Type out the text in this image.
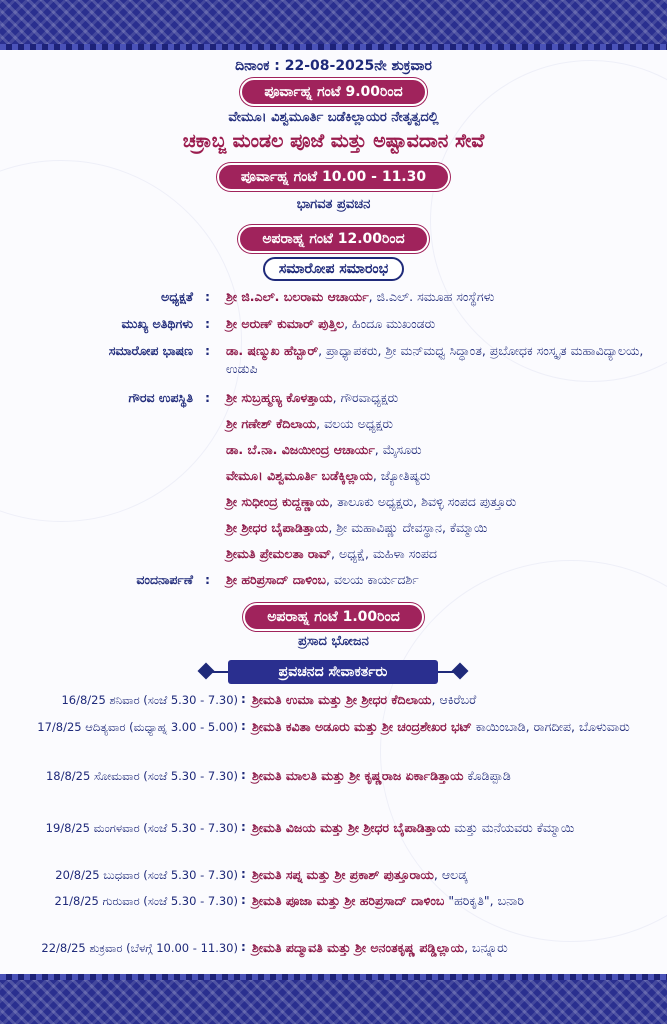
ದಿನಾಂಕ : 22-08-2025ನೇ ಶುಕ್ರವಾರ
ಪೂರ್ವಾಹ್ನ ಗಂಟೆ 9.00ರಿಂದ
ವೇಮೂ। ವಿಶ್ವಮೂರ್ತಿ ಬಡೆಕಿಲ್ಲಾಯರ ನೇತೃತ್ವದಲ್ಲಿ
ಚಕ್ರಾಬ್ಜ ಮಂಡಲ ಪೂಜೆ ಮತ್ತು ಅಷ್ಟಾವದಾನ ಸೇವೆ
ಪೂರ್ವಾಹ್ನ ಗಂಟೆ 10.00 - 11.30
ಭಾಗವತ ಪ್ರವಚನ
ಅಪರಾಹ್ನ ಗಂಟೆ 12.00ರಿಂದ
ಸಮಾರೋಪ ಸಮಾರಂಭ
ಅಧ್ಯಕ್ಷತೆ : ಶ್ರೀ ಜಿ.ಎಲ್. ಬಲರಾಮ ಆಚಾರ್ಯ, ಜಿ.ಎಲ್. ಸಮೂಹ ಸಂಸ್ಥೆಗಳು
ಮುಖ್ಯ ಅತಿಥಿಗಳು : ಶ್ರೀ ಅರುಣ್ ಕುಮಾರ್ ಪುತ್ತಿಲ, ಹಿಂದೂ ಮುಖಂಡರು
ಸಮಾರೋಪ ಭಾಷಣ : ಡಾ. ಷಣ್ಮುಖ ಹೆಬ್ಬಾರ್, ಪ್ರಾಧ್ಯಾಪಕರು, ಶ್ರೀ ಮನ್‌ಮಧ್ವ ಸಿದ್ಧಾಂತ, ಪ್ರಬೋಧಕ ಸಂಸ್ಕೃತ ಮಹಾವಿದ್ಯಾಲಯ, ಉಡುಪಿ
ಗೌರವ ಉಪಸ್ಥಿತಿ : ಶ್ರೀ ಸುಬ್ರಹ್ಮಣ್ಯ ಕೊಳತ್ತಾಯ, ಗೌರವಾಧ್ಯಕ್ಷರು
ಶ್ರೀ ಗಣೇಶ್ ಕೆದಿಲಾಯ, ವಲಯ ಅಧ್ಯಕ್ಷರು
ಡಾ. ಬೆ.ನಾ. ವಿಜಯೀಂದ್ರ ಆಚಾರ್ಯ, ಮೈಸೂರು
ವೇಮೂ। ವಿಶ್ವಮೂರ್ತಿ ಬಡೆಕ್ಕಿಲ್ಲಾಯ, ಜ್ಯೋತಿಷ್ಯರು
ಶ್ರೀ ಸುಧೀಂದ್ರ ಕುದ್ದಣ್ಣಾಯ, ತಾಲೂಕು ಅಧ್ಯಕ್ಷರು, ಶಿವಳ್ಳಿ ಸಂಪದ ಪುತ್ತೂರು
ಶ್ರೀ ಶ್ರೀಧರ ಬೈಪಾಡಿತ್ತಾಯ, ಶ್ರೀ ಮಹಾವಿಷ್ಣು ದೇವಸ್ಥಾನ, ಕೆಮ್ಮಾಯಿ
ಶ್ರೀಮತಿ ಪ್ರೇಮಲತಾ ರಾವ್, ಅಧ್ಯಕ್ಷೆ, ಮಹಿಳಾ ಸಂಪದ
ವಂದನಾರ್ಪಣೆ : ಶ್ರೀ ಹರಿಪ್ರಸಾದ್ ದಾಳಿಂಬ, ವಲಯ ಕಾರ್ಯದರ್ಶಿ
ಅಪರಾಹ್ನ ಗಂಟೆ 1.00ರಿಂದ
ಪ್ರಸಾದ ಭೋಜನ
ಪ್ರವಚನದ ಸೇವಾಕರ್ತರು
16/8/25 ಶನಿವಾರ (ಸಂಜೆ 5.30 - 7.30) : ಶ್ರೀಮತಿ ಉಮಾ ಮತ್ತು ಶ್ರೀ ಶ್ರೀಧರ ಕೆದಿಲಾಯ, ಆಕಿರೆಬರೆ
17/8/25 ಆದಿತ್ಯವಾರ (ಮಧ್ಯಾಹ್ನ 3.00 - 5.00) : ಶ್ರೀಮತಿ ಕವಿತಾ ಅಡೂರು ಮತ್ತು ಶ್ರೀ ಚಂದ್ರಶೇಖರ ಭಟ್ ಕಾಯಿಂಬಾಡಿ, ರಾಗದೀಪ, ಬೊಳುವಾರು
18/8/25 ಸೋಮವಾರ (ಸಂಜೆ 5.30 - 7.30) : ಶ್ರೀಮತಿ ಮಾಲತಿ ಮತ್ತು ಶ್ರೀ ಕೃಷ್ಣರಾಜ ಏರ್ಕಾಡಿತ್ತಾಯ ಕೊಡಿಪ್ಪಾಡಿ
19/8/25 ಮಂಗಳವಾರ (ಸಂಜೆ 5.30 - 7.30) : ಶ್ರೀಮತಿ ವಿಜಯ ಮತ್ತು ಶ್ರೀ ಶ್ರೀಧರ ಬೈಪಾಡಿತ್ತಾಯ ಮತ್ತು ಮನೆಯವರು ಕೆಮ್ಮಾಯಿ
20/8/25 ಬುಧವಾರ (ಸಂಜೆ 5.30 - 7.30) : ಶ್ರೀಮತಿ ಸಪ್ನ ಮತ್ತು ಶ್ರೀ ಪ್ರಕಾಶ್ ಪುತ್ತೂರಾಯ, ಆಲಡ್ಕ
21/8/25 ಗುರುವಾರ (ಸಂಜೆ 5.30 - 7.30) : ಶ್ರೀಮತಿ ಪೂಜಾ ಮತ್ತು ಶ್ರೀ ಹರಿಪ್ರಸಾದ್ ದಾಳಿಂಬ "ಹರಿಕೃತಿ", ಬನಾರಿ
22/8/25 ಶುಕ್ರವಾರ (ಬೆಳಗ್ಗೆ 10.00 - 11.30) : ಶ್ರೀಮತಿ ಪದ್ಮಾವತಿ ಮತ್ತು ಶ್ರೀ ಅನಂತಕೃಷ್ಣ ಪಡ್ಡಿಲ್ಲಾಯ, ಬನ್ನೂರು
